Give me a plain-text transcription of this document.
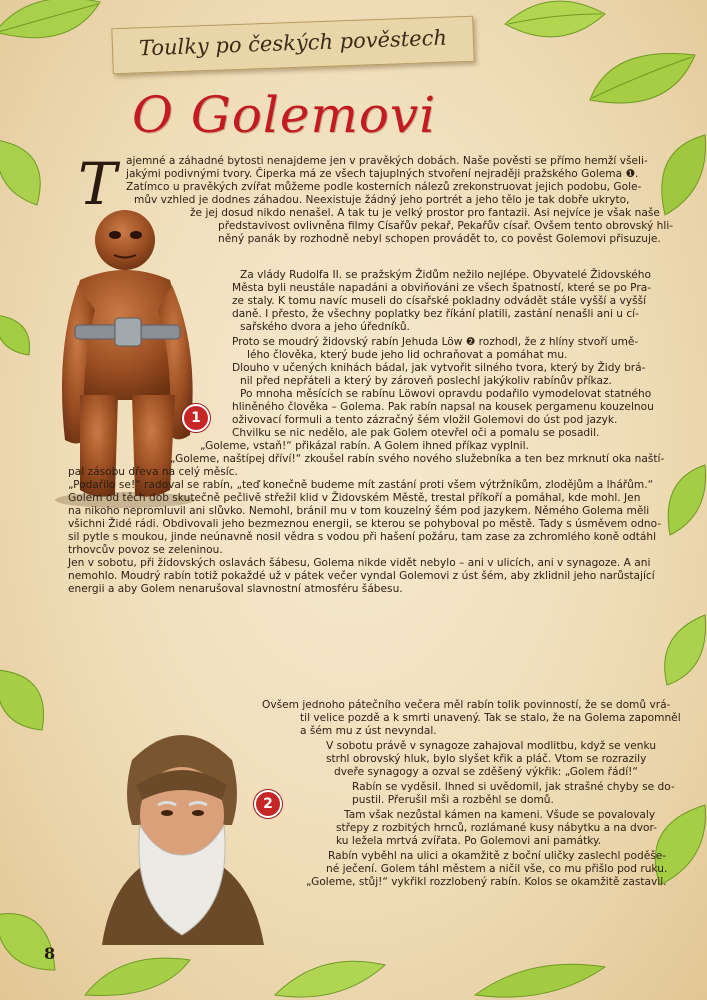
Toulky po českých pověstech
O Golemovi
T
1
2
ajemné a záhadné bytosti nenajdeme jen v pravěkých dobách. Naše pověsti se přímo hemží všeli-
jakými podivnými tvory. Čiperka má ze všech tajuplných stvoření nejraději pražského Golema ❶.
Zatímco u pravěkých zvířat můžeme podle kosterních nálezů zrekonstruovat jejich podobu, Gole-
mův vzhled je dodnes záhadou. Neexistuje žádný jeho portrét a jeho tělo je tak dobře ukryto,
že jej dosud nikdo nenašel. A tak tu je velký prostor pro fantazii. Asi nejvíce je však naše
představivost ovlivněna filmy Císařův pekař, Pekařův císař. Ovšem tento obrovský hli-
něný panák by rozhodně nebyl schopen provádět to, co pověst Golemovi přisuzuje.
Za vlády Rudolfa II. se pražským Židům nežilo nejlépe. Obyvatelé Židovského
Města byli neustále napadáni a obviňováni ze všech špatností, které se po Pra-
ze staly. K tomu navíc museli do císařské pokladny odvádět stále vyšší a vyšší
daně. I přesto, že všechny poplatky bez říkání platili, zastání nenašli ani u cí-
sařského dvora a jeho úředníků.
Proto se moudrý židovský rabín Jehuda Löw ❷ rozhodl, že z hlíny stvoří umě-
lého člověka, který bude jeho lid ochraňovat a pomáhat mu.
Dlouho v učených knihách bádal, jak vytvořit silného tvora, který by Židy brá-
nil před nepřáteli a který by zároveň poslechl jakýkoliv rabínův příkaz.
Po mnoha měsících se rabínu Löwovi opravdu podařilo vymodelovat statného
hliněného člověka – Golema. Pak rabín napsal na kousek pergamenu kouzelnou
oživovací formuli a tento zázračný šém vložil Golemovi do úst pod jazyk.
Chvilku se nic nedělo, ale pak Golem otevřel oči a pomalu se posadil.
„Goleme, vstaň!“ přikázal rabín. A Golem ihned příkaz vyplnil.
„Goleme, naštípej dříví!“ zkoušel rabín svého nového služebníka a ten bez mrknutí oka naští-
pal zásobu dřeva na celý měsíc.
„Podařilo se!“ radoval se rabín, „teď konečně budeme mít zastání proti všem výtržníkům, zlodějům a lhářům.“
Golem od těch dob skutečně pečlivě střežil klid v Židovském Městě, trestal příkoří a pomáhal, kde mohl. Jen
na nikoho nepromluvil ani slůvko. Nemohl, bránil mu v tom kouzelný šém pod jazykem. Němého Golema měli
všichni Židé rádi. Obdivovali jeho bezmeznou energii, se kterou se pohyboval po městě. Tady s úsměvem odno-
sil pytle s moukou, jinde neúnavně nosil vědra s vodou při hašení požáru, tam zase za zchromlého koně odtáhl
trhovcův povoz se zeleninou.
Jen v sobotu, při židovských oslavách šábesu, Golema nikde vidět nebylo – ani v ulicích, ani v synagoze. A ani
nemohlo. Moudrý rabín totiž pokaždé už v pátek večer vyndal Golemovi z úst šém, aby zklidnil jeho narůstající
energii a aby Golem nenarušoval slavnostní atmosféru šábesu.
Ovšem jednoho pátečního večera měl rabín tolik povinností, že se domů vrá-
til velice pozdě a k smrti unavený. Tak se stalo, že na Golema zapomněl
a šém mu z úst nevyndal.
V sobotu právě v synagoze zahajoval modlitbu, když se venku
strhl obrovský hluk, bylo slyšet křik a pláč. Vtom se rozrazily
dveře synagogy a ozval se zděšený výkřik: „Golem řádí!“
Rabín se vyděsil. Ihned si uvědomil, jak strašné chyby se do-
pustil. Přerušil mši a rozběhl se domů.
Tam však nezůstal kámen na kameni. Všude se povalovaly
střepy z rozbitých hrnců, rozlámané kusy nábytku a na dvor-
ku ležela mrtvá zvířata. Po Golemovi ani památky.
Rabín vyběhl na ulici a okamžitě z boční uličky zaslechl poděše-
né ječení. Golem táhl městem a ničil vše, co mu přišlo pod ruku.
„Goleme, stůj!“ vykřikl rozzlobený rabín. Kolos se okamžitě zastavil.
8
